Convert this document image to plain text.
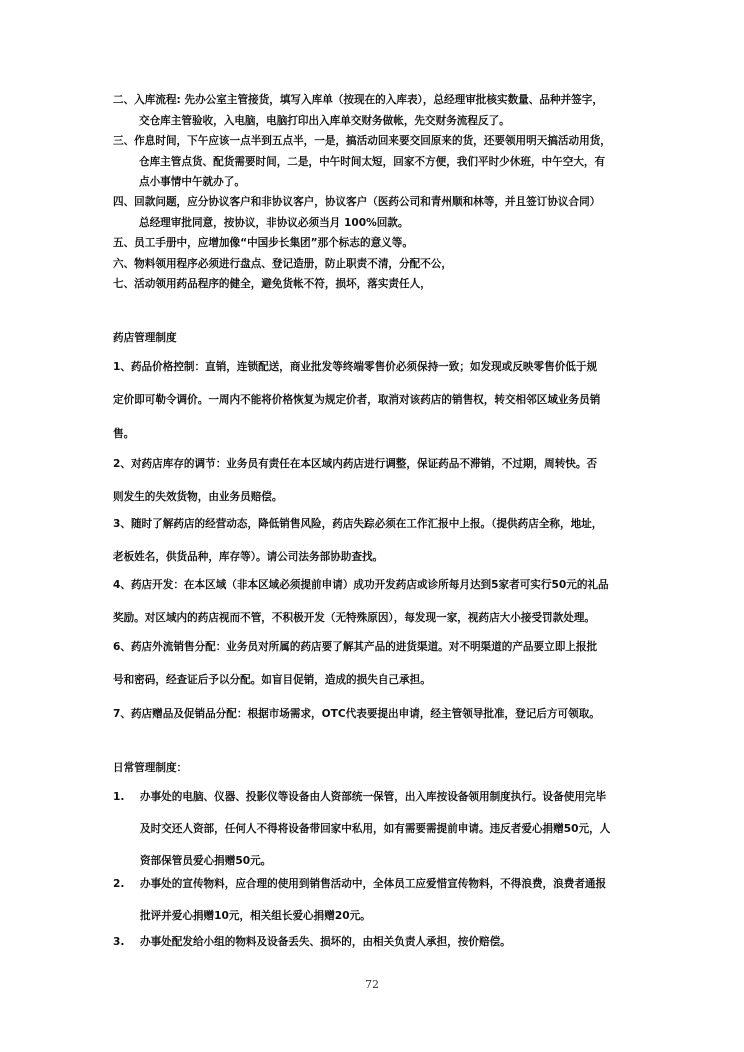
二、入库流程: 先办公室主管接货，填写入库单（按现在的入库表），总经理审批核实数量、品种并签字，
交仓库主管验收，入电脑，电脑打印出入库单交财务做帐，先交财务流程反了。
三、作息时间，下午应该一点半到五点半，一是，搞活动回来要交回原来的货，还要领用明天搞活动用货，
仓库主管点货、配货需要时间，二是，中午时间太短，回家不方便，我们平时少休班，中午空大，有
点小事情中午就办了。
四、回款问题，应分协议客户和非协议客户，协议客户（医药公司和青州顺和林等，并且签订协议合同）
总经理审批同意，按协议，非协议必须当月 100%回款。
五、员工手册中，应增加像“中国步长集团”那个标志的意义等。
六、物料领用程序必须进行盘点、登记造册，防止职责不清，分配不公，
七、活动领用药品程序的健全，避免货帐不符，损坏，落实责任人，
药店管理制度
1、药品价格控制：直销，连锁配送，商业批发等终端零售价必须保持一致；如发现或反映零售价低于规
定价即可勒令调价。一周内不能将价格恢复为规定价者，取消对该药店的销售权，转交相邻区域业务员销
售。
2、对药店库存的调节：业务员有责任在本区域内药店进行调整，保证药品不滞销，不过期，周转快。否
则发生的失效货物，由业务员赔偿。
3、随时了解药店的经营动态，降低销售风险，药店失踪必须在工作汇报中上报。（提供药店全称，地址，
老板姓名，供货品种，库存等）。请公司法务部协助查找。
4、药店开发：在本区域（非本区域必须提前申请）成功开发药店或诊所每月达到5家者可实行50元的礼品
奖励。对区域内的药店视而不管，不积极开发（无特殊原因），每发现一家，视药店大小接受罚款处理。
6、药店外流销售分配：业务员对所属的药店要了解其产品的进货渠道。对不明渠道的产品要立即上报批
号和密码，经查证后予以分配。如盲目促销，造成的损失自己承担。
7、药店赠品及促销品分配：根据市场需求，OTC代表要提出申请，经主管领导批准，登记后方可领取。
日常管理制度：
1. 办事处的电脑、仪器、投影仪等设备由人资部统一保管，出入库按设备领用制度执行。设备使用完毕
及时交还人资部，任何人不得将设备带回家中私用，如有需要需提前申请。违反者爱心捐赠50元，人
资部保管员爱心捐赠50元。
2. 办事处的宣传物料，应合理的使用到销售活动中，全体员工应爱惜宣传物料，不得浪费，浪费者通报
批评并爱心捐赠10元，相关组长爱心捐赠20元。
3. 办事处配发给小组的物料及设备丢失、损坏的，由相关负责人承担，按价赔偿。
72
